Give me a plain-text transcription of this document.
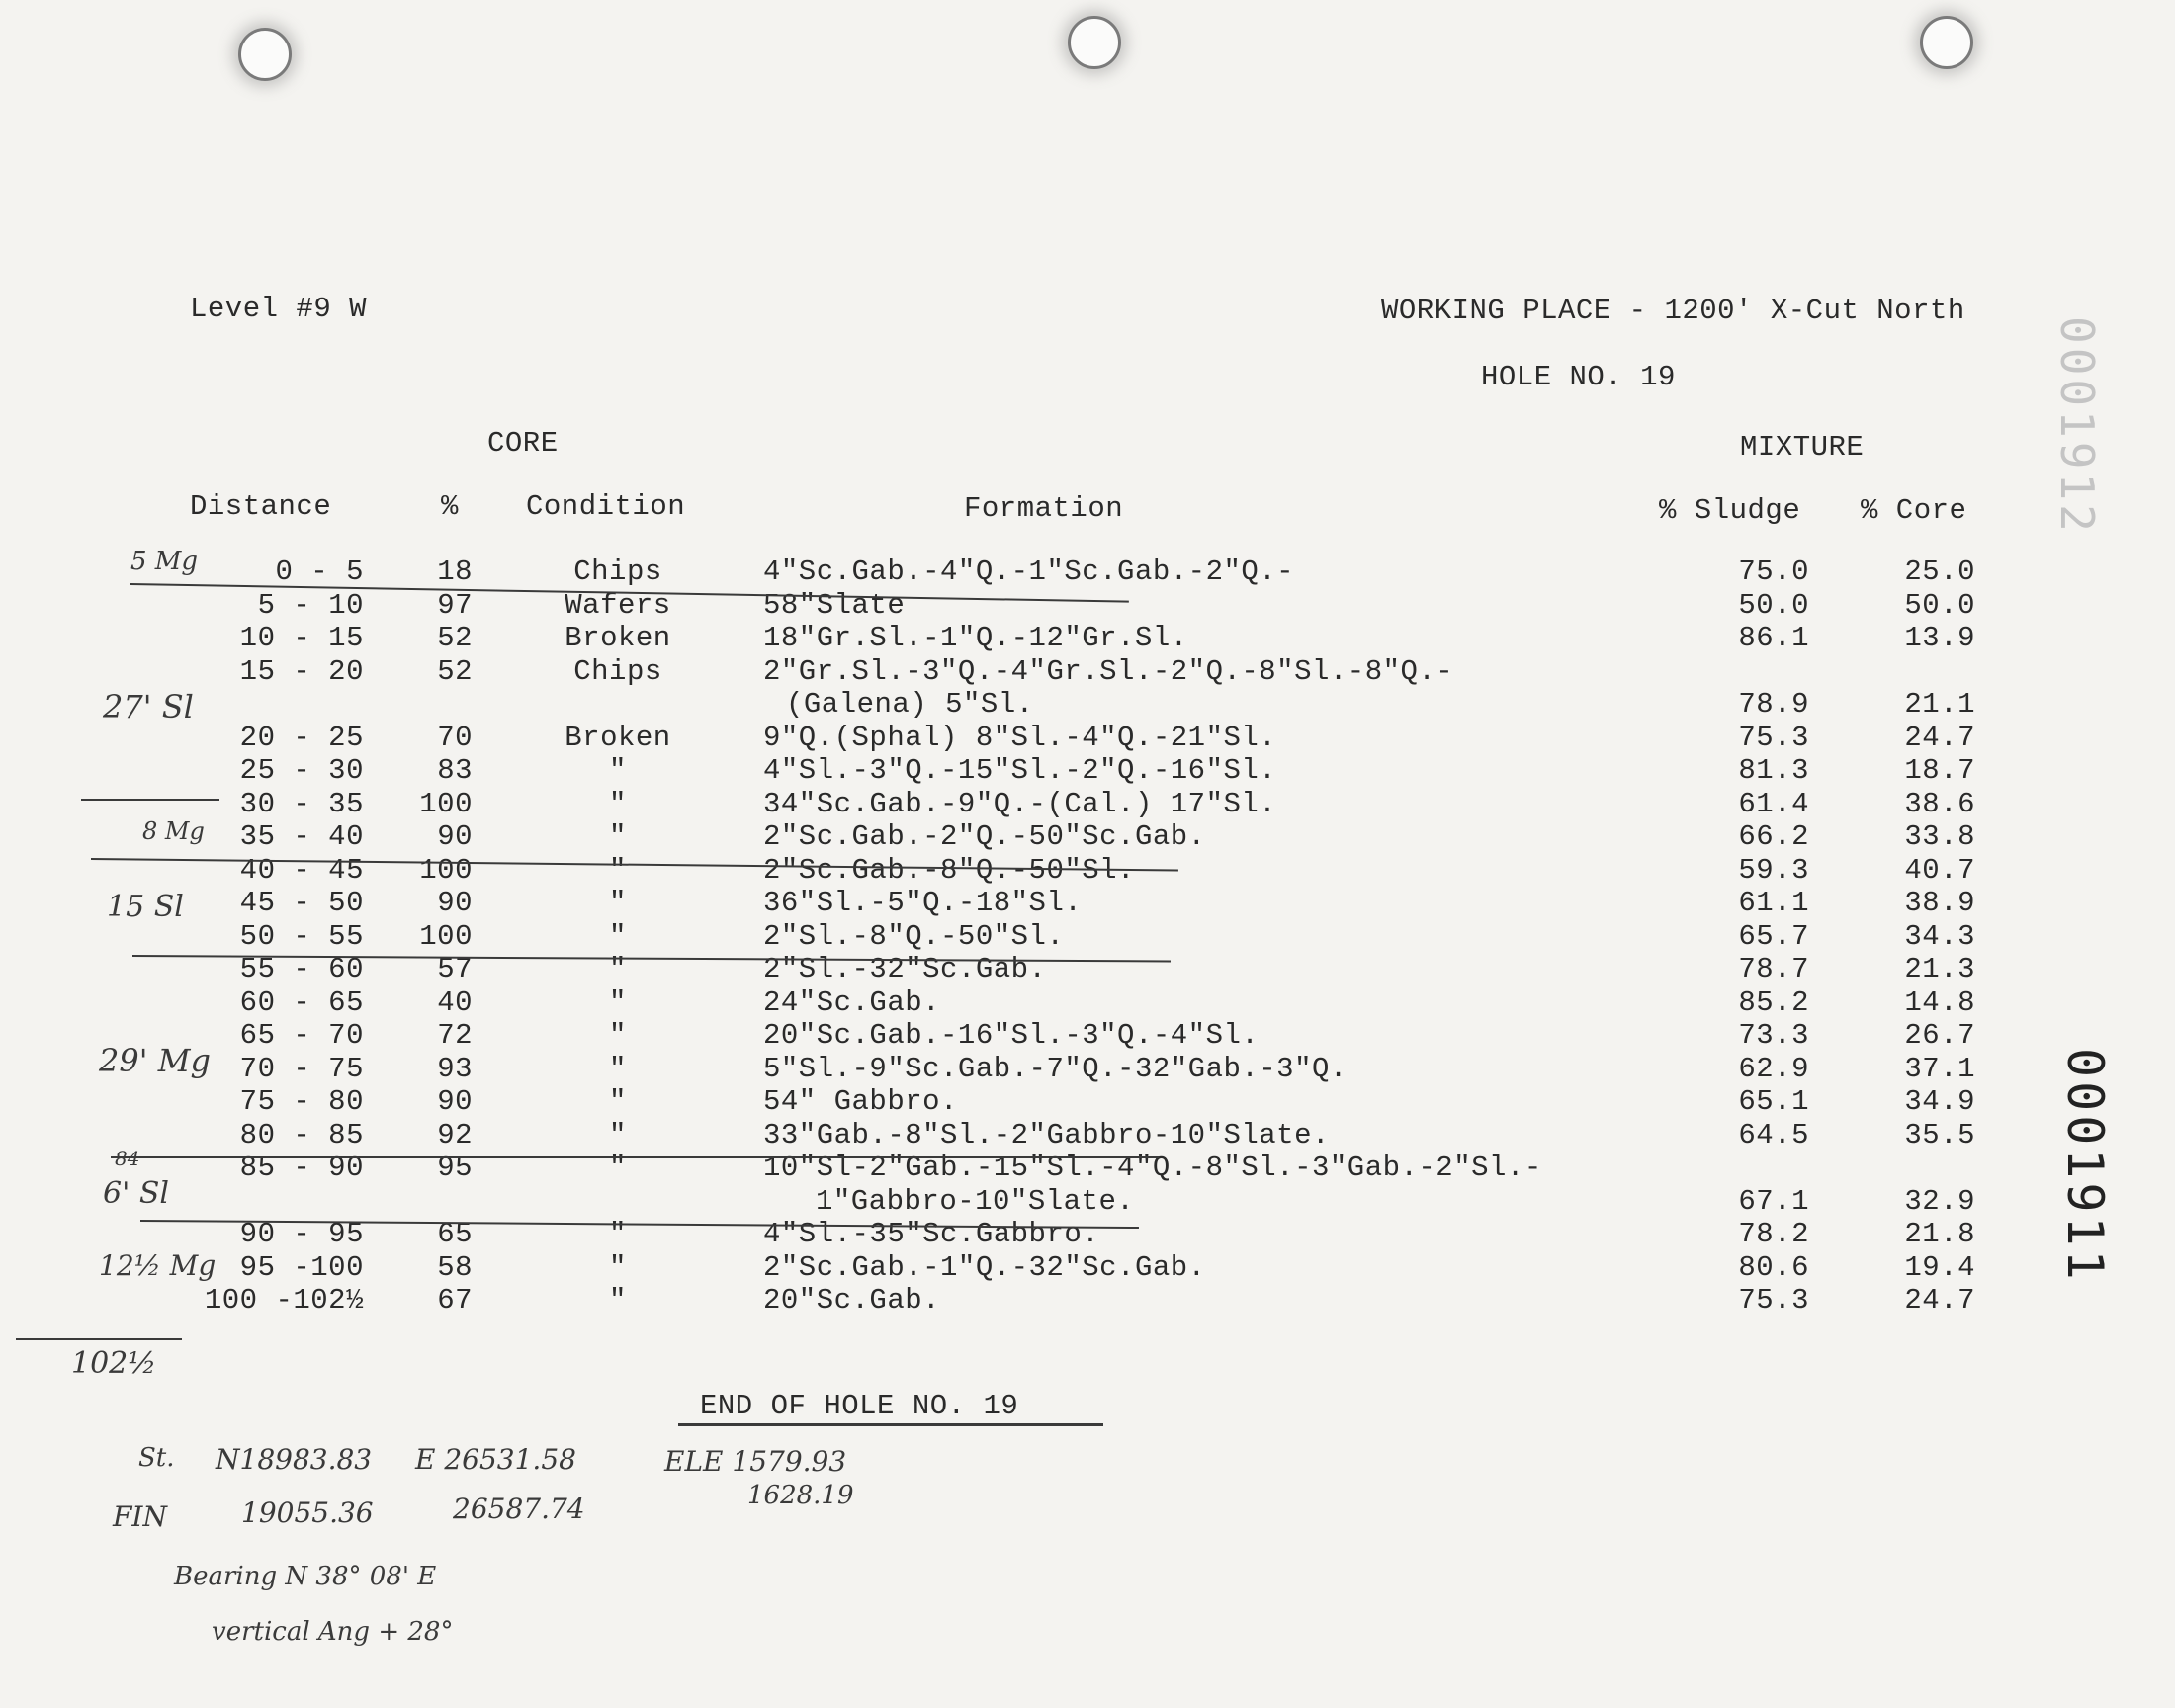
Level #9 W	WORKING PLACE - 1200' X-Cut North
HOLE NO. 19
CORE	MIXTURE
Distance	% Condition	Formation	% Sludge % Core
0 - 5	18	Chips	4"Sc.Gab.-4"Q.-1"Sc.Gab.-2"Q.-	75.0	25.0
5 - 10	97	Wafers	58"Slate	50.0	50.0
10 - 15	52	Broken	18"Gr.Sl.-1"Q.-12"Gr.Sl.	86.1	13.9
15 - 20	52	Chips	2"Gr.Sl.-3"Q.-4"Gr.Sl.-2"Q.-8"Sl.-8"Q.-
(Galena) 5"Sl.	78.9	21.1
20 - 25	70	Broken	9"Q.(Sphal) 8"Sl.-4"Q.-21"Sl.	75.3	24.7
25 - 30	83	"	4"Sl.-3"Q.-15"Sl.-2"Q.-16"Sl.	81.3	18.7
30 - 35	100	"	34"Sc.Gab.-9"Q.-(Cal.) 17"Sl.	61.4	38.6
35 - 40	90	"	2"Sc.Gab.-2"Q.-50"Sc.Gab.	66.2	33.8
40 - 45	100	"	2"Sc.Gab.-8"Q.-50"Sl.	59.3	40.7
45 - 50	90	"	36"Sl.-5"Q.-18"Sl.	61.1	38.9
50 - 55	100	"	2"Sl.-8"Q.-50"Sl.	65.7	34.3
55 - 60	57	"	2"Sl.-32"Sc.Gab.	78.7	21.3
60 - 65	40	"	24"Sc.Gab.	85.2	14.8
65 - 70	72	"	20"Sc.Gab.-16"Sl.-3"Q.-4"Sl.	73.3	26.7
70 - 75	93	"	5"Sl.-9"Sc.Gab.-7"Q.-32"Gab.-3"Q.	62.9	37.1
75 - 80	90	"	54" Gabbro.	65.1	34.9
80 - 85	92	"	33"Gab.-8"Sl.-2"Gabbro-10"Slate.	64.5	35.5
85 - 90	95	"	10"Sl-2"Gab.-15"Sl.-4"Q.-8"Sl.-3"Gab.-2"Sl.-
1"Gabbro-10"Slate.	67.1	32.9
90 - 95	65	"	4"Sl.-35"Sc.Gabbro.	78.2	21.8
95 -100	58	"	2"Sc.Gab.-1"Q.-32"Sc.Gab.	80.6	19.4
100 -102½	67	"	20"Sc.Gab.	75.3	24.7
END OF HOLE NO. 19
5 Mg
27' Sl
8 Mg
15 Sl
29' Mg
84
6' Sl
12½ Mg
102½
St. N18983.83 E 26531.58	ELE 1579.93
FIN	19055.36	26587.74	1628.19
Bearing N 38° 08' E
vertical Ang + 28°
0001912
0001911
